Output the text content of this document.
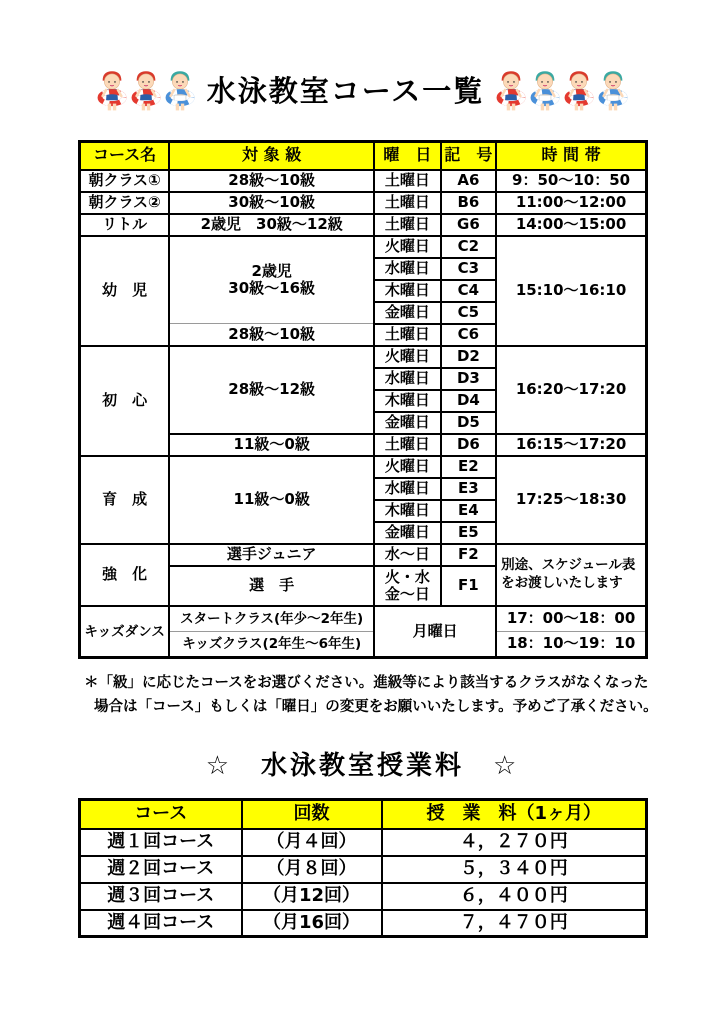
水泳教室コース一覧
コース名	対 象 級	曜　日	記　号	時 間 帯
朝クラス①	28級～10級	土曜日	A6	9：50～10：50
朝クラス②	30級～10級	土曜日	B6	11:00～12:00
リトル	2歳児　30級～12級	土曜日	G6	14:00～15:00
幼　児	2歳児
30級～16級	火曜日	C2	15:10～16:10
		水曜日	C3	
		木曜日	C4	
		金曜日	C5	
	28級～10級	土曜日	C6	
初　心	28級～12級	火曜日	D2	16:20～17:20
		水曜日	D3	
		木曜日	D4	
		金曜日	D5	
	11級～0級	土曜日	D6	16:15～17:20
育　成	11級～0級	火曜日	E2	17:25～18:30
		水曜日	E3	
		木曜日	E4	
		金曜日	E5	
強　化	選手ジュニア	水～日	F2	別途、スケジュール表
をお渡しいたします
	選　手	火・水
金～日	F1	
キッズダンス	スタートクラス(年少～2年生)	月曜日		17：00～18：00
	キッズクラス(2年生～6年生)			18：10～19：10
＊「級」に応じたコースをお選びください。進級等により該当するクラスがなくなった
場合は「コース」もしくは「曜日」の変更をお願いいたします。予めご了承ください。
☆　水泳教室授業料　☆
コース	回数	授　業　料（1ヶ月）
週１回コース	（月４回）	４，２７０円
週２回コース	（月８回）	５，３４０円
週３回コース	（月12回）	６，４００円
週４回コース	（月16回）	７，４７０円
